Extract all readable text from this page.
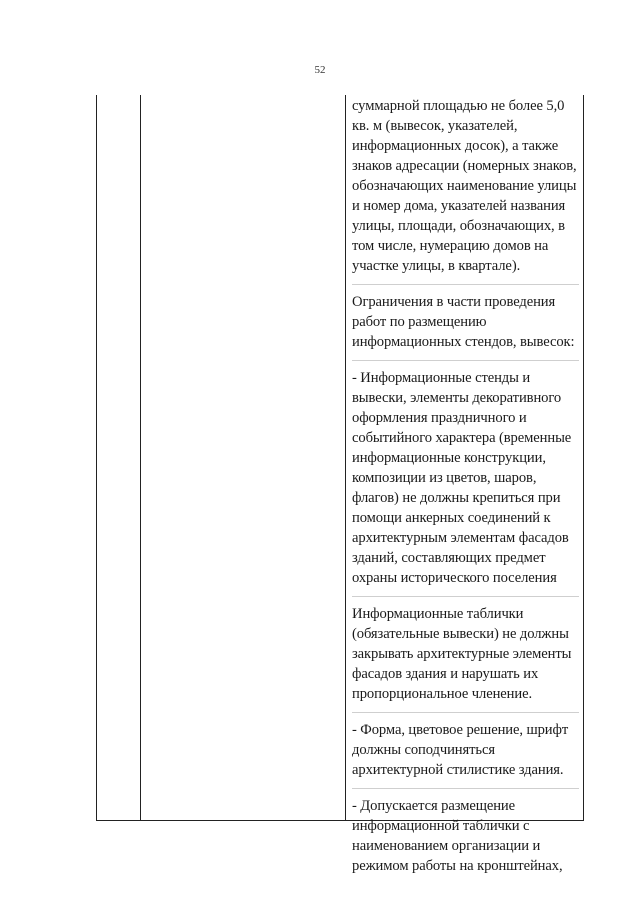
52

суммарной площадью не более 5,0
кв. м (вывесок, указателей,
информационных досок), а также
знаков адресации (номерных знаков,
обозначающих наименование улицы
и номер дома, указателей названия
улицы, площади, обозначающих, в
том числе, нумерацию домов на
участке улицы, в квартале).

Ограничения в части проведения
работ по размещению
информационных стендов, вывесок:

- Информационные стенды и
вывески, элементы декоративного
оформления праздничного и
событийного характера (временные
информационные конструкции,
композиции из цветов, шаров,
флагов) не должны крепиться при
помощи анкерных соединений к
архитектурным элементам фасадов
зданий, составляющих предмет
охраны исторического поселения

Информационные таблички
(обязательные вывески) не должны
закрывать архитектурные элементы
фасадов здания и нарушать их
пропорциональное членение.

- Форма, цветовое решение, шрифт
должны соподчиняться
архитектурной стилистике здания.

- Допускается размещение
информационной таблички с
наименованием организации и
режимом работы на кронштейнах,
